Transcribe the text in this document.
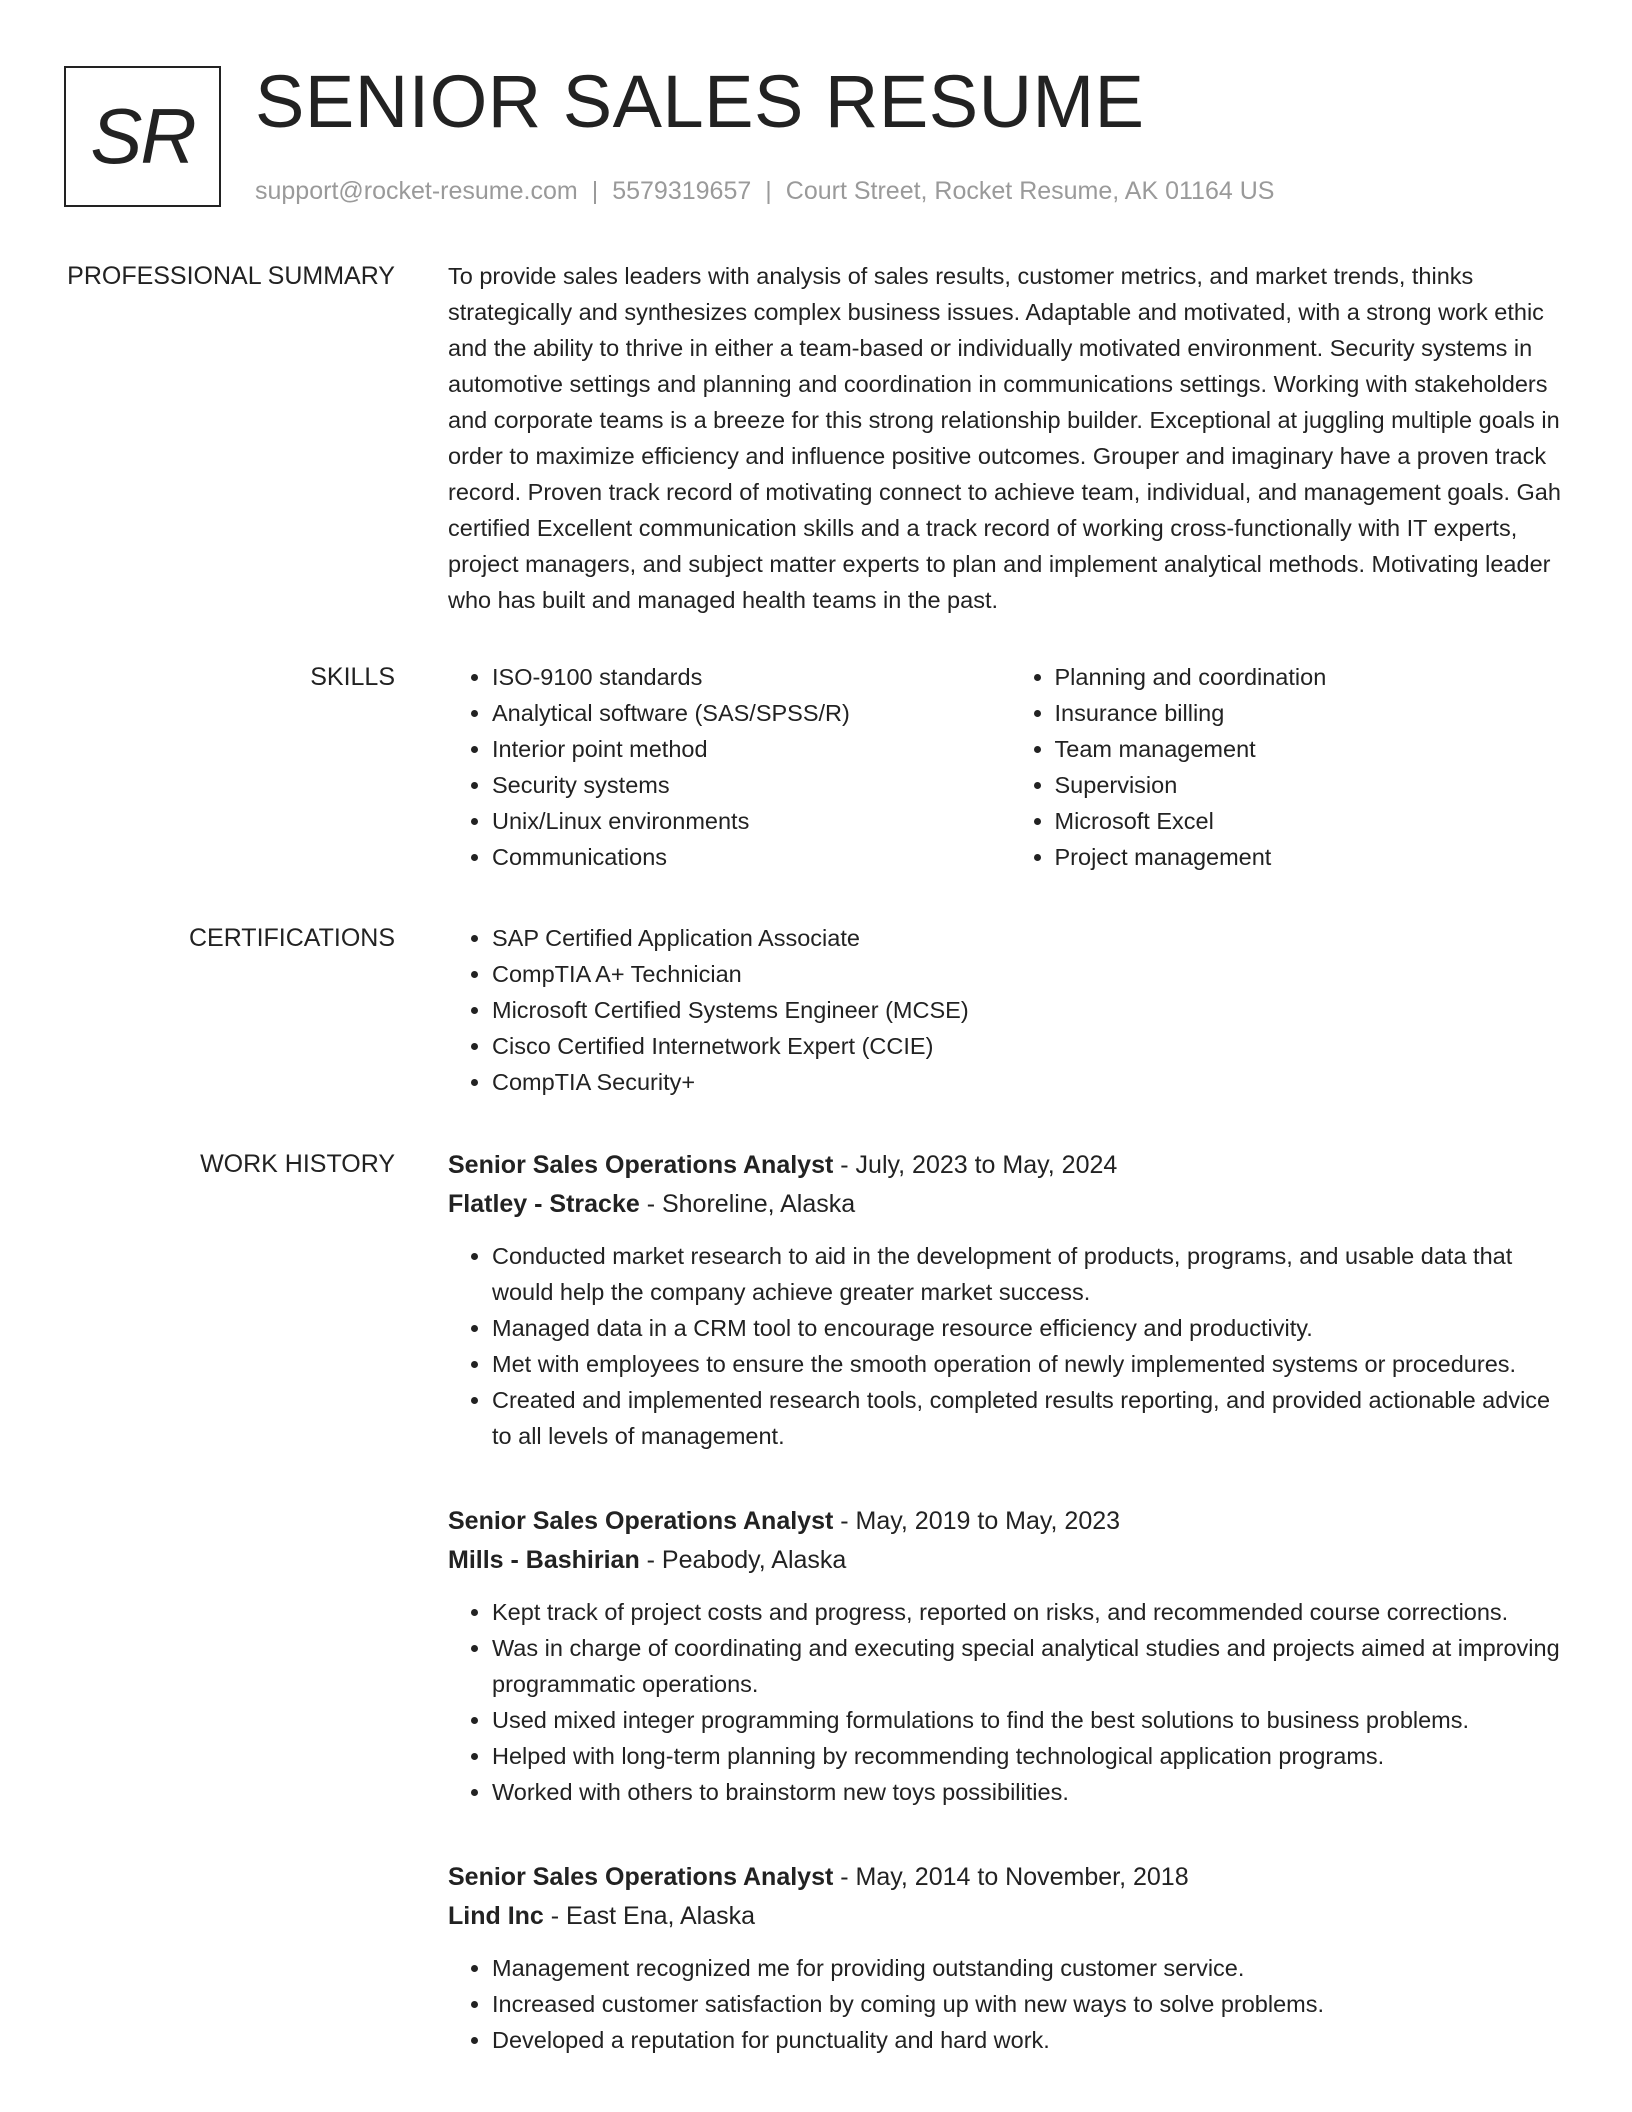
SR SENIOR SALES RESUME
support@rocket-resume.com | 5579319657 | Court Street, Rocket Resume, AK 01164 US
PROFESSIONAL SUMMARY	To provide sales leaders with analysis of sales results, customer metrics, and market trends, thinks strategically and synthesizes complex business issues. Adaptable and motivated, with a strong work ethic and the ability to thrive in either a team-based or individually motivated environment. Security systems in automotive settings and planning and coordination in communications settings. Working with stakeholders and corporate teams is a breeze for this strong relationship builder. Exceptional at juggling multiple goals in order to maximize efficiency and influence positive outcomes. Grouper and imaginary have a proven track record. Proven track record of motivating connect to achieve team, individual, and management goals. Gah certified Excellent communication skills and a track record of working cross-functionally with IT experts, project managers, and subject matter experts to plan and implement analytical methods. Motivating leader who has built and managed health teams in the past.

SKILLS	• ISO-9100 standards
• Analytical software (SAS/SPSS/R)
• Interior point method
• Security systems
• Unix/Linux environments
• Communications
• Planning and coordination
• Insurance billing
• Team management
• Supervision
• Microsoft Excel
• Project management
CERTIFICATIONS	• SAP Certified Application Associate
• CompTIA A+ Technician
• Microsoft Certified Systems Engineer (MCSE)
• Cisco Certified Internetwork Expert (CCIE)
• CompTIA Security+
WORK HISTORY	Senior Sales Operations Analyst - July, 2023 to May, 2024
Flatley - Stracke - Shoreline, Alaska
• Conducted market research to aid in the development of products, programs, and usable data that would help the company achieve greater market success.
• Managed data in a CRM tool to encourage resource efficiency and productivity.
• Met with employees to ensure the smooth operation of newly implemented systems or procedures.
• Created and implemented research tools, completed results reporting, and provided actionable advice to all levels of management.
Senior Sales Operations Analyst - May, 2019 to May, 2023
Mills - Bashirian - Peabody, Alaska
• Kept track of project costs and progress, reported on risks, and recommended course corrections.
• Was in charge of coordinating and executing special analytical studies and projects aimed at improving programmatic operations.
• Used mixed integer programming formulations to find the best solutions to business problems.
• Helped with long-term planning by recommending technological application programs.
• Worked with others to brainstorm new toys possibilities.
Senior Sales Operations Analyst - May, 2014 to November, 2018
Lind Inc - East Ena, Alaska
• Management recognized me for providing outstanding customer service.
• Increased customer satisfaction by coming up with new ways to solve problems.
• Developed a reputation for punctuality and hard work.
